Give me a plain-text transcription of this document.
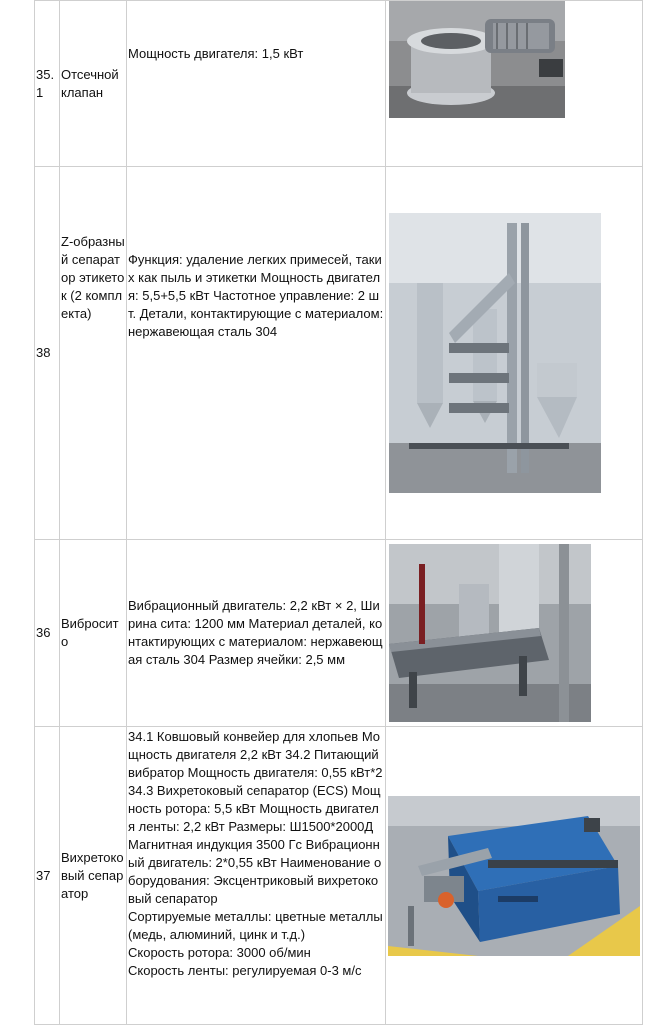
35.1	Отсечной клапан	Мощность двигателя: 1,5 кВт

38	Z-образный сепаратор этикеток (2 комплекта)	Функция: удаление легких примесей, таких как пыль и этикетки Мощность двигателя: 5,5+5,5 кВт Частотное управление: 2 шт. Детали, контактирующие с материалом: нержавеющая сталь 304

36	Вибросито	Вибрационный двигатель: 2,2 кВт × 2, Ширина сита: 1200 мм Материал деталей, контактирующих с материалом: нержавеющая сталь 304 Размер ячейки: 2,5 мм

37	Вихретоковый сепаратор	34.1 Ковшовый конвейер для хлопьев Мощность двигателя 2,2 кВт 34.2 Питающий вибратор Мощность двигателя: 0,55 кВт*2 34.3 Вихретоковый сепаратор (ECS) Мощность ротора: 5,5 кВт Мощность двигателя ленты: 2,2 кВт Размеры: Ш1500*2000Д Магнитная индукция 3500 Гс Вибрационный двигатель: 2*0,55 кВт Наименование оборудования: Эксцентриковый вихретоковый сепаратор
Сортируемые металлы: цветные металлы (медь, алюминий, цинк и т.д.)
Скорость ротора: 3000 об/мин
Скорость ленты: регулируемая 0-3 м/с
